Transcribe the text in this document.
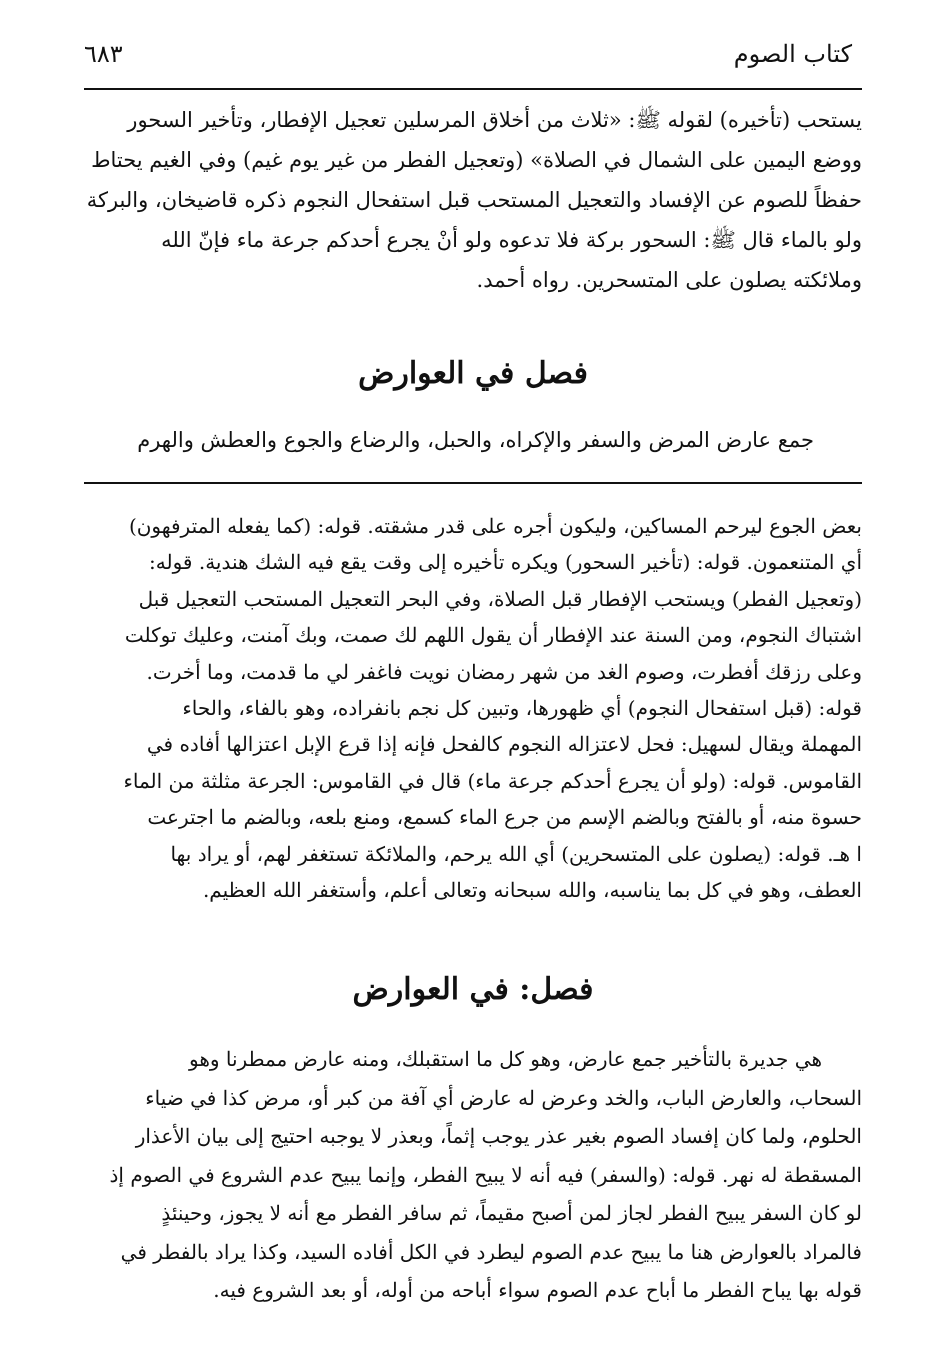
كتاب الصوم
٦٨٣
يستحب (تأخيره) لقوله ﷺ: «ثلاث من أخلاق المرسلين تعجيل الإفطار، وتأخير السحور
ووضع اليمين على الشمال في الصلاة» (وتعجيل الفطر من غير يوم غيم) وفي الغيم يحتاط
حفظاً للصوم عن الإفساد والتعجيل المستحب قبل استفحال النجوم ذكره قاضيخان، والبركة
ولو بالماء قال ﷺ: السحور بركة فلا تدعوه ولو أنْ يجرع أحدكم جرعة ماء فإنّ الله
وملائكته يصلون على المتسحرين. رواه أحمد.
فصل في العوارض
جمع عارض المرض والسفر والإكراه، والحبل، والرضاع والجوع والعطش والهرم
بعض الجوع ليرحم المساكين، وليكون أجره على قدر مشقته. قوله: (كما يفعله المترفهون)
أي المتنعمون. قوله: (تأخير السحور) ويكره تأخيره إلى وقت يقع فيه الشك هندية. قوله:
(وتعجيل الفطر) ويستحب الإفطار قبل الصلاة، وفي البحر التعجيل المستحب التعجيل قبل
اشتباك النجوم، ومن السنة عند الإفطار أن يقول اللهم لك صمت، وبك آمنت، وعليك توكلت
وعلى رزقك أفطرت، وصوم الغد من شهر رمضان نويت فاغفر لي ما قدمت، وما أخرت.
قوله: (قبل استفحال النجوم) أي ظهورها، وتبين كل نجم بانفراده، وهو بالفاء، والحاء
المهملة ويقال لسهيل: فحل لاعتزاله النجوم كالفحل فإنه إذا قرع الإبل اعتزالها أفاده في
القاموس. قوله: (ولو أن يجرع أحدكم جرعة ماء) قال في القاموس: الجرعة مثلثة من الماء
حسوة منه، أو بالفتح وبالضم الإسم من جرع الماء كسمع، ومنع بلعه، وبالضم ما اجترعت
ا هـ. قوله: (يصلون على المتسحرين) أي الله يرحم، والملائكة تستغفر لهم، أو يراد بها
العطف، وهو في كل بما يناسبه، والله سبحانه وتعالى أعلم، وأستغفر الله العظيم.
فصل: في العوارض
هي جديرة بالتأخير جمع عارض، وهو كل ما استقبلك، ومنه عارض ممطرنا وهو
السحاب، والعارض الباب، والخد وعرض له عارض أي آفة من كبر أو، مرض كذا في ضياء
الحلوم، ولما كان إفساد الصوم بغير عذر يوجب إثماً، وبعذر لا يوجبه احتيج إلى بيان الأعذار
المسقطة له نهر. قوله: (والسفر) فيه أنه لا يبيح الفطر، وإنما يبيح عدم الشروع في الصوم إذ
لو كان السفر يبيح الفطر لجاز لمن أصبح مقيماً، ثم سافر الفطر مع أنه لا يجوز، وحينئذٍ
فالمراد بالعوارض هنا ما يبيح عدم الصوم ليطرد في الكل أفاده السيد، وكذا يراد بالفطر في
قوله بها يباح الفطر ما أباح عدم الصوم سواء أباحه من أوله، أو بعد الشروع فيه.
